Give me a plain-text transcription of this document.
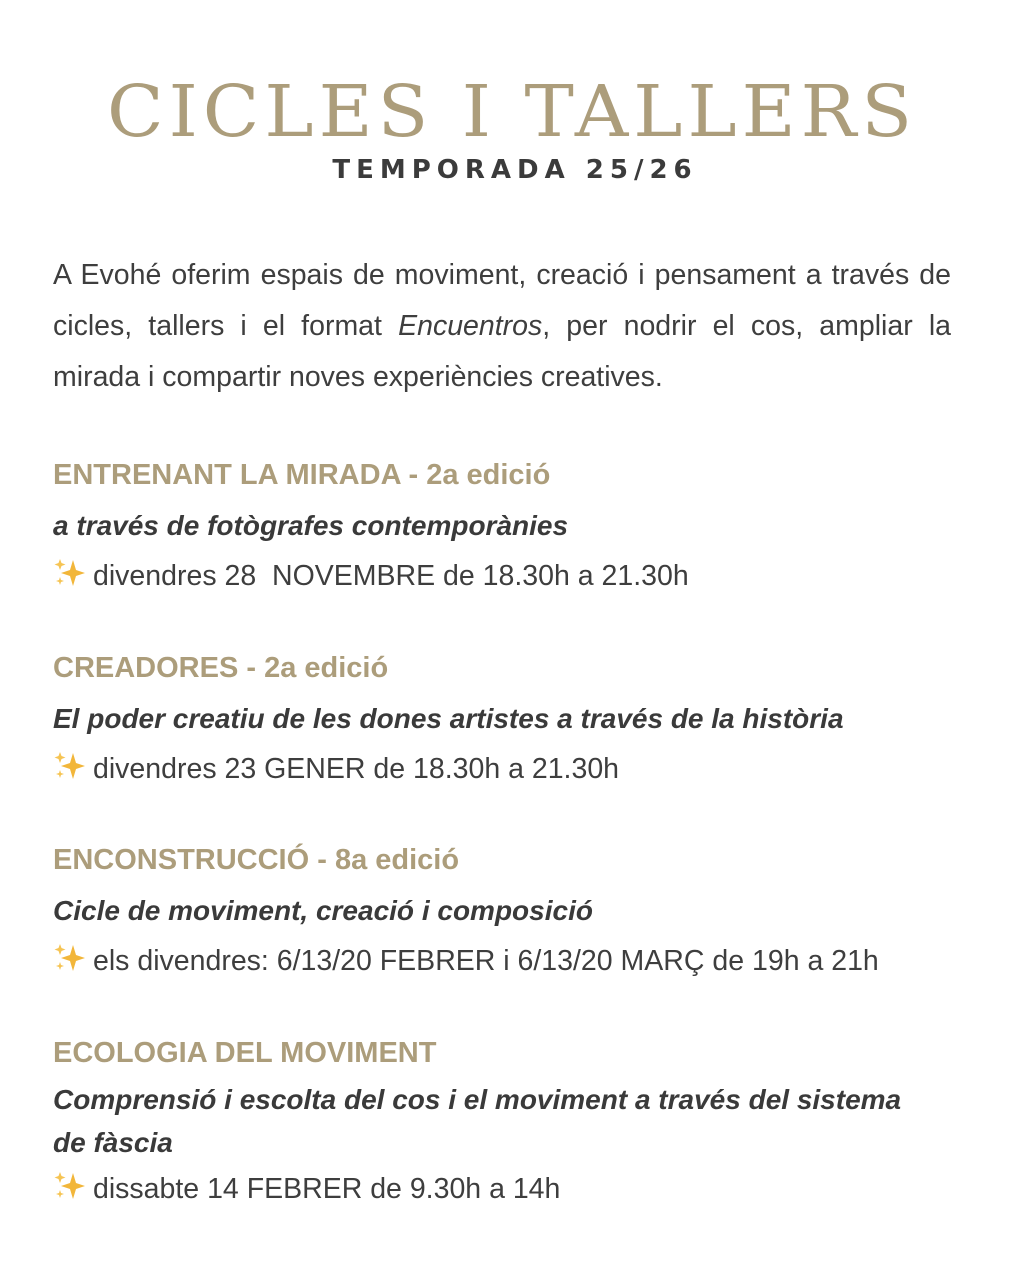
CICLES I TALLERS
TEMPORADA 25/26

A Evohé oferim espais de moviment, creació i pensament a través de cicles, tallers i el format Encuentros, per nodrir el cos, ampliar la mirada i compartir noves experiències creatives.

ENTRENANT LA MIRADA - 2a edició
a través de fotògrafes contemporànies
divendres 28  NOVEMBRE de 18.30h a 21.30h
CREADORES - 2a edició
El poder creatiu de les dones artistes a través de la història
divendres 23 GENER de 18.30h a 21.30h
ENCONSTRUCCIÓ - 8a edició
Cicle de moviment, creació i composició
els divendres: 6/13/20 FEBRER i 6/13/20 MARÇ de 19h a 21h
ECOLOGIA DEL MOVIMENT
Comprensió i escolta del cos i el moviment a través del sistema de fàscia
dissabte 14 FEBRER de 9.30h a 14h
